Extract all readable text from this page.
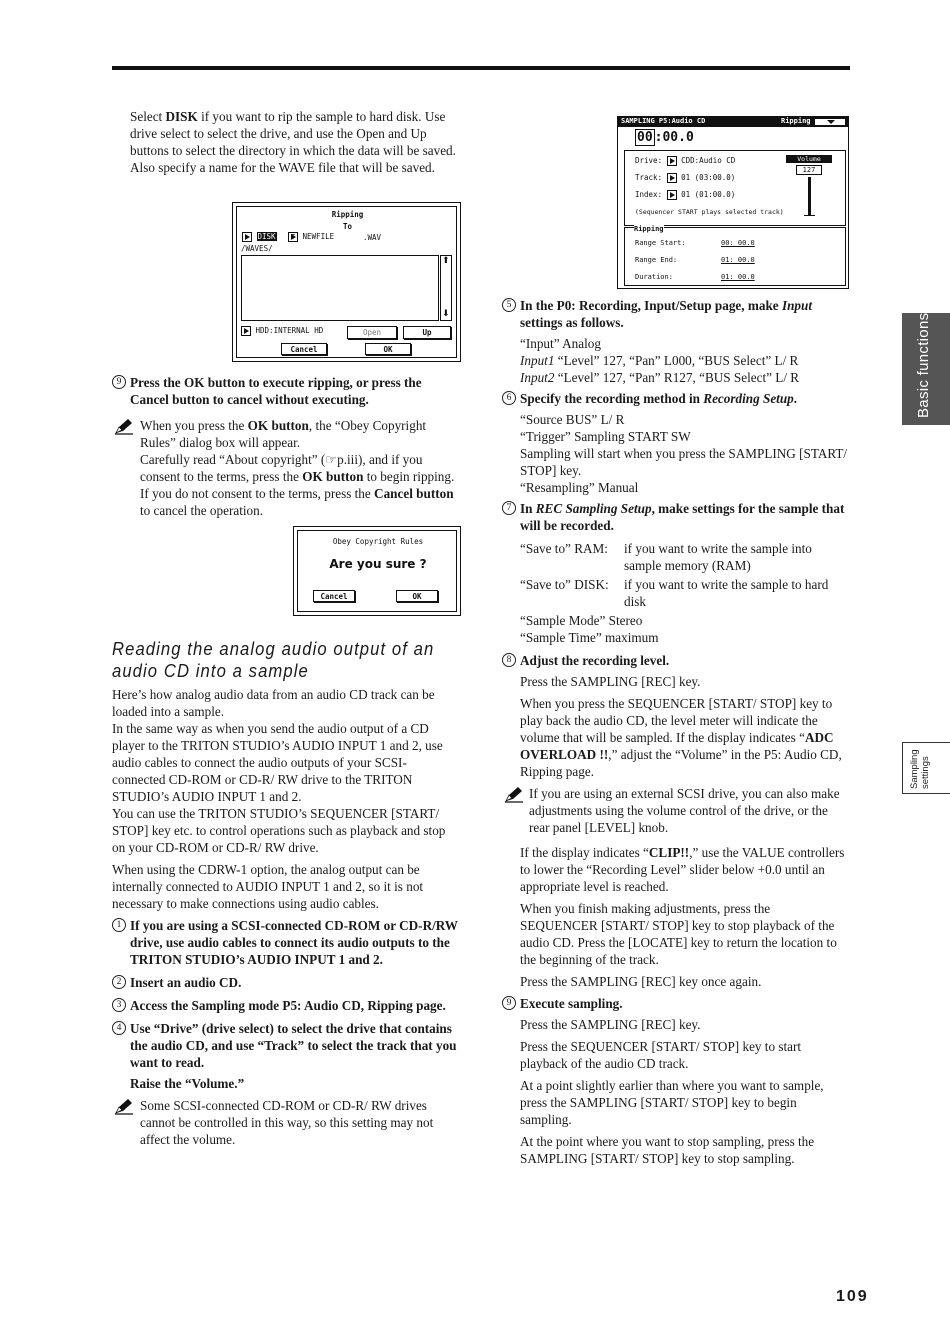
Select DISK if you want to rip the sample to hard disk. Use drive select to select the drive, and use the Open and Up buttons to select the directory in which the data will be saved. Also specify a name for the WAVE file that will be saved.

Ripping
To
DISK	T NEWFILE	.WAV
/WAVES/
⬆
⬇
HDD:INTERNAL HD	Open	Up
Cancel	OK
9 Press the OK button to execute ripping, or press the Cancel button to cancel without executing.

When you press the OK button, the “Obey Copyright Rules” dialog box will appear.

Carefully read “About copyright” (☞p.iii), and if you consent to the terms, press the OK button to begin ripping. If you do not consent to the terms, press the Cancel button to cancel the operation.

Obey Copyright Rules
Are you sure ?
Cancel	OK
Reading the analog audio output of an
audio CD into a sample

Here’s how analog audio data from an audio CD track can be loaded into a sample.

In the same way as when you send the audio output of a CD player to the TRITON STUDIO’s AUDIO INPUT 1 and 2, use audio cables to connect the audio outputs of your SCSI-connected CD-ROM or CD-R/ RW drive to the TRITON STUDIO’s AUDIO INPUT 1 and 2.

You can use the TRITON STUDIO’s SEQUENCER [START/ STOP] key etc. to control operations such as playback and stop on your CD-ROM or CD-R/ RW drive.

When using the CDRW-1 option, the analog output can be internally connected to AUDIO INPUT 1 and 2, so it is not necessary to make connections using audio cables.

1 If you are using a SCSI-connected CD-ROM or CD-R/RW drive, use audio cables to connect its audio outputs to the TRITON STUDIO’s AUDIO INPUT 1 and 2.
2 Insert an audio CD.
3 Access the Sampling mode P5: Audio CD, Ripping page.
4 Use “Drive” (drive select) to select the drive that contains the audio CD, and use “Track” to select the track that you want to read.

Raise the “Volume.”

Some SCSI-connected CD-ROM or CD-R/ RW drives cannot be controlled in this way, so this setting may not affect the volume.

SAMPLING P5:Audio CD	Ripping
00 :00.0
Drive:	CDD:Audio CD
Track:	01 (03:00.0)
Index:	01 (01:00.0)
(Sequencer START plays selected track)
Volume
127
Ripping
Range Start:	00: 00.0
Range End:	01: 00.0
Duration:	01: 00.0
5 In the P0: Recording, Input/Setup page, make Input settings as follows.
“Input” Analog
Input1 “Level” 127, “Pan” L000, “BUS Select” L/ R
Input2 “Level” 127, “Pan” R127, “BUS Select” L/ R
6 Specify the recording method in Recording Setup.
“Source BUS” L/ R
“Trigger” Sampling START SW
Sampling will start when you press the SAMPLING [START/ STOP] key.
“Resampling” Manual
7 In REC Sampling Setup, make settings for the sample that will be recorded.
“Save to” RAM: if you want to write the sample into sample memory (RAM)
“Save to” DISK: if you want to write the sample to hard disk
“Sample Mode” Stereo
“Sample Time” maximum
8 Adjust the recording level.

Press the SAMPLING [REC] key.

When you press the SEQUENCER [START/ STOP] key to play back the audio CD, the level meter will indicate the volume that will be sampled. If the display indicates “ADC OVERLOAD !!,” adjust the “Volume” in the P5: Audio CD, Ripping page.

If you are using an external SCSI drive, you can also make adjustments using the volume control of the drive, or the rear panel [LEVEL] knob.

If the display indicates “CLIP!!,” use the VALUE controllers to lower the “Recording Level” slider below +0.0 until an appropriate level is reached.

When you finish making adjustments, press the SEQUENCER [START/ STOP] key to stop playback of the audio CD. Press the [LOCATE] key to return the location to the beginning of the track.

Press the SAMPLING [REC] key once again.

9 Execute sampling.

Press the SAMPLING [REC] key.

Press the SEQUENCER [START/ STOP] key to start playback of the audio CD track.

At a point slightly earlier than where you want to sample, press the SAMPLING [START/ STOP] key to begin sampling.

At the point where you want to stop sampling, press the SAMPLING [START/ STOP] key to stop sampling.

Basic functions
Sampling settings
109
